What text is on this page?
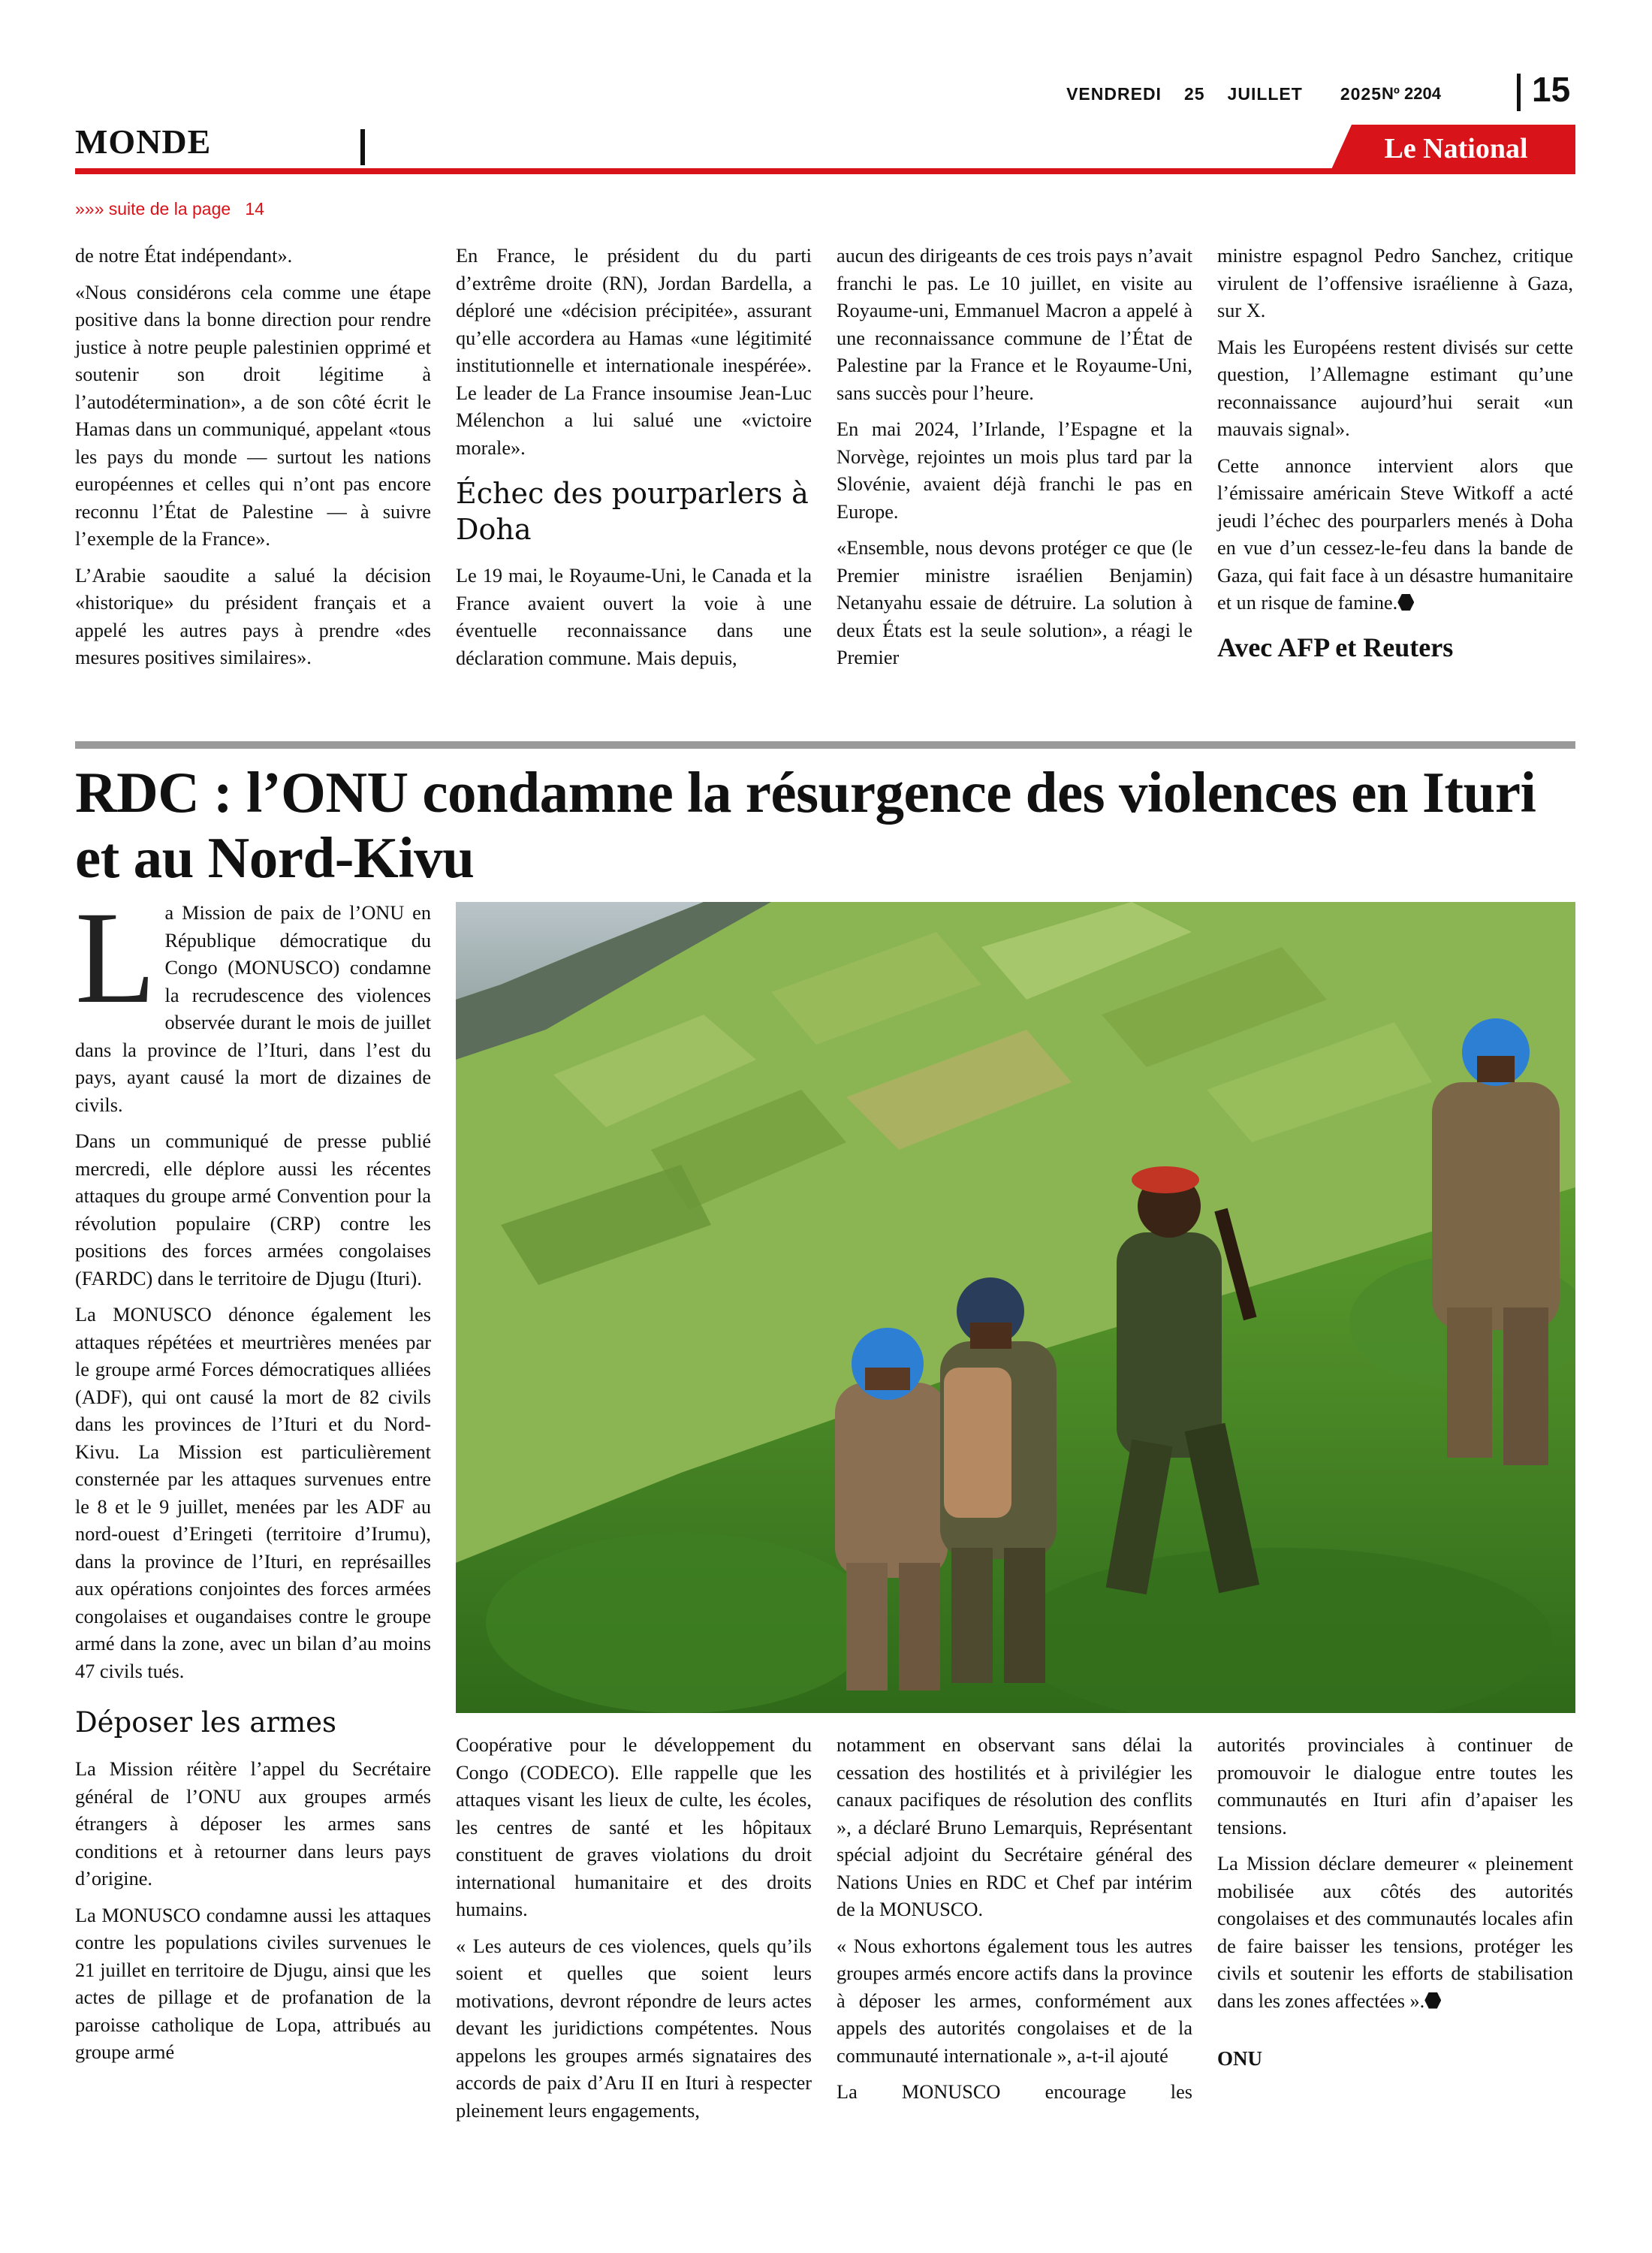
VENDREDI 25 JUILLET 2025 Nº 2204	15
MONDE	Le National
»»» suite de la page   14

de notre État indépendant».

«Nous considérons cela comme une étape positive dans la bonne direction pour rendre justice à notre peuple palestinien opprimé et soutenir son droit légitime à l’autodétermination», a de son côté écrit le Hamas dans un communiqué, appelant «tous les pays du monde — surtout les nations européennes et celles qui n’ont pas encore reconnu l’État de Palestine — à suivre l’exemple de la France».

L’Arabie saoudite a salué la décision «historique» du président français et a appelé les autres pays à prendre «des mesures positives similaires».

En France, le président du du parti d’extrême droite (RN), Jordan Bardella, a déploré une «décision précipitée», assurant qu’elle accordera au Hamas «une légitimité institutionnelle et internationale inespérée». Le leader de La France insoumise Jean-Luc Mélenchon a lui salué une «victoire morale».

Échec des pourparlers à Doha

Le 19 mai, le Royaume-Uni, le Canada et la France avaient ouvert la voie à une éventuelle reconnaissance dans une déclaration commune. Mais depuis,

aucun des dirigeants de ces trois pays n’avait franchi le pas. Le 10 juillet, en visite au Royaume-uni, Emmanuel Macron a appelé à une reconnaissance commune de l’État de Palestine par la France et le Royaume-Uni, sans succès pour l’heure.

En mai 2024, l’Irlande, l’Espagne et la Norvège, rejointes un mois plus tard par la Slovénie, avaient déjà franchi le pas en Europe.

«Ensemble, nous devons protéger ce que (le Premier ministre israélien Benjamin) Netanyahu essaie de détruire. La solution à deux États est la seule solution», a réagi le Premier

ministre espagnol Pedro Sanchez, critique virulent de l’offensive israélienne à Gaza, sur X.

Mais les Européens restent divisés sur cette question, l’Allemagne estimant qu’une reconnaissance aujourd’hui serait «un mauvais signal».

Cette annonce intervient alors que l’émissaire américain Steve Witkoff a acté jeudi l’échec des pourparlers menés à Doha en vue d’un cessez-le-feu dans la bande de Gaza, qui fait face à un désastre humanitaire et un risque de famine.

Avec AFP et Reuters
RDC : l’ONU condamne la résurgence des violences en Ituri et au Nord-Kivu

La Mission de paix de l’ONU en République démocratique du Congo (MONUSCO) condamne la recrudescence des violences observée durant le mois de juillet dans la province de l’Ituri, dans l’est du pays, ayant causé la mort de dizaines de civils.

Dans un communiqué de presse publié mercredi, elle déplore aussi les récentes attaques du groupe armé Convention pour la révolution populaire (CRP) contre les positions des forces armées congolaises (FARDC) dans le territoire de Djugu (Ituri).

La MONUSCO dénonce également les attaques répétées et meurtrières menées par le groupe armé Forces démocratiques alliées (ADF), qui ont causé la mort de 82 civils dans les provinces de l’Ituri et du Nord-Kivu. La Mission est particulièrement consternée par les attaques survenues entre le 8 et le 9 juillet, menées par les ADF au nord-ouest d’Eringeti (territoire d’Irumu), dans la province de l’Ituri, en représailles aux opérations conjointes des forces armées congolaises et ougandaises contre le groupe armé dans la zone, avec un bilan d’au moins 47 civils tués.

Déposer les armes

La Mission réitère l’appel du Secrétaire général de l’ONU aux groupes armés étrangers à déposer les armes sans conditions et à retourner dans leurs pays d’origine.

La MONUSCO condamne aussi les attaques contre les populations civiles survenues le 21 juillet en territoire de Djugu, ainsi que les actes de pillage et de profanation de la paroisse catholique de Lopa, attribués au groupe armé

Coopérative pour le développement du Congo (CODECO). Elle rappelle que les attaques visant les lieux de culte, les écoles, les centres de santé et les hôpitaux constituent de graves violations du droit international humanitaire et des droits humains.

« Les auteurs de ces violences, quels qu’ils soient et quelles que soient leurs motivations, devront répondre de leurs actes devant les juridictions compétentes. Nous appelons les groupes armés signataires des accords de paix d’Aru II en Ituri à respecter pleinement leurs engagements,

notamment en observant sans délai la cessation des hostilités et à privilégier les canaux pacifiques de résolution des conflits », a déclaré Bruno Lemarquis, Représentant spécial adjoint du Secrétaire général des Nations Unies en RDC et Chef par intérim de la MONUSCO.

« Nous exhortons également tous les autres groupes armés encore actifs dans la province à déposer les armes, conformément aux appels des autorités congolaises et de la communauté internationale », a-t-il ajouté

La MONUSCO encourage les

autorités provinciales à continuer de promouvoir le dialogue entre toutes les communautés en Ituri afin d’apaiser les tensions.

La Mission déclare demeurer « pleinement mobilisée aux côtés des autorités congolaises et des communautés locales afin de faire baisser les tensions, protéger les civils et soutenir les efforts de stabilisation dans les zones affectées ».

ONU
